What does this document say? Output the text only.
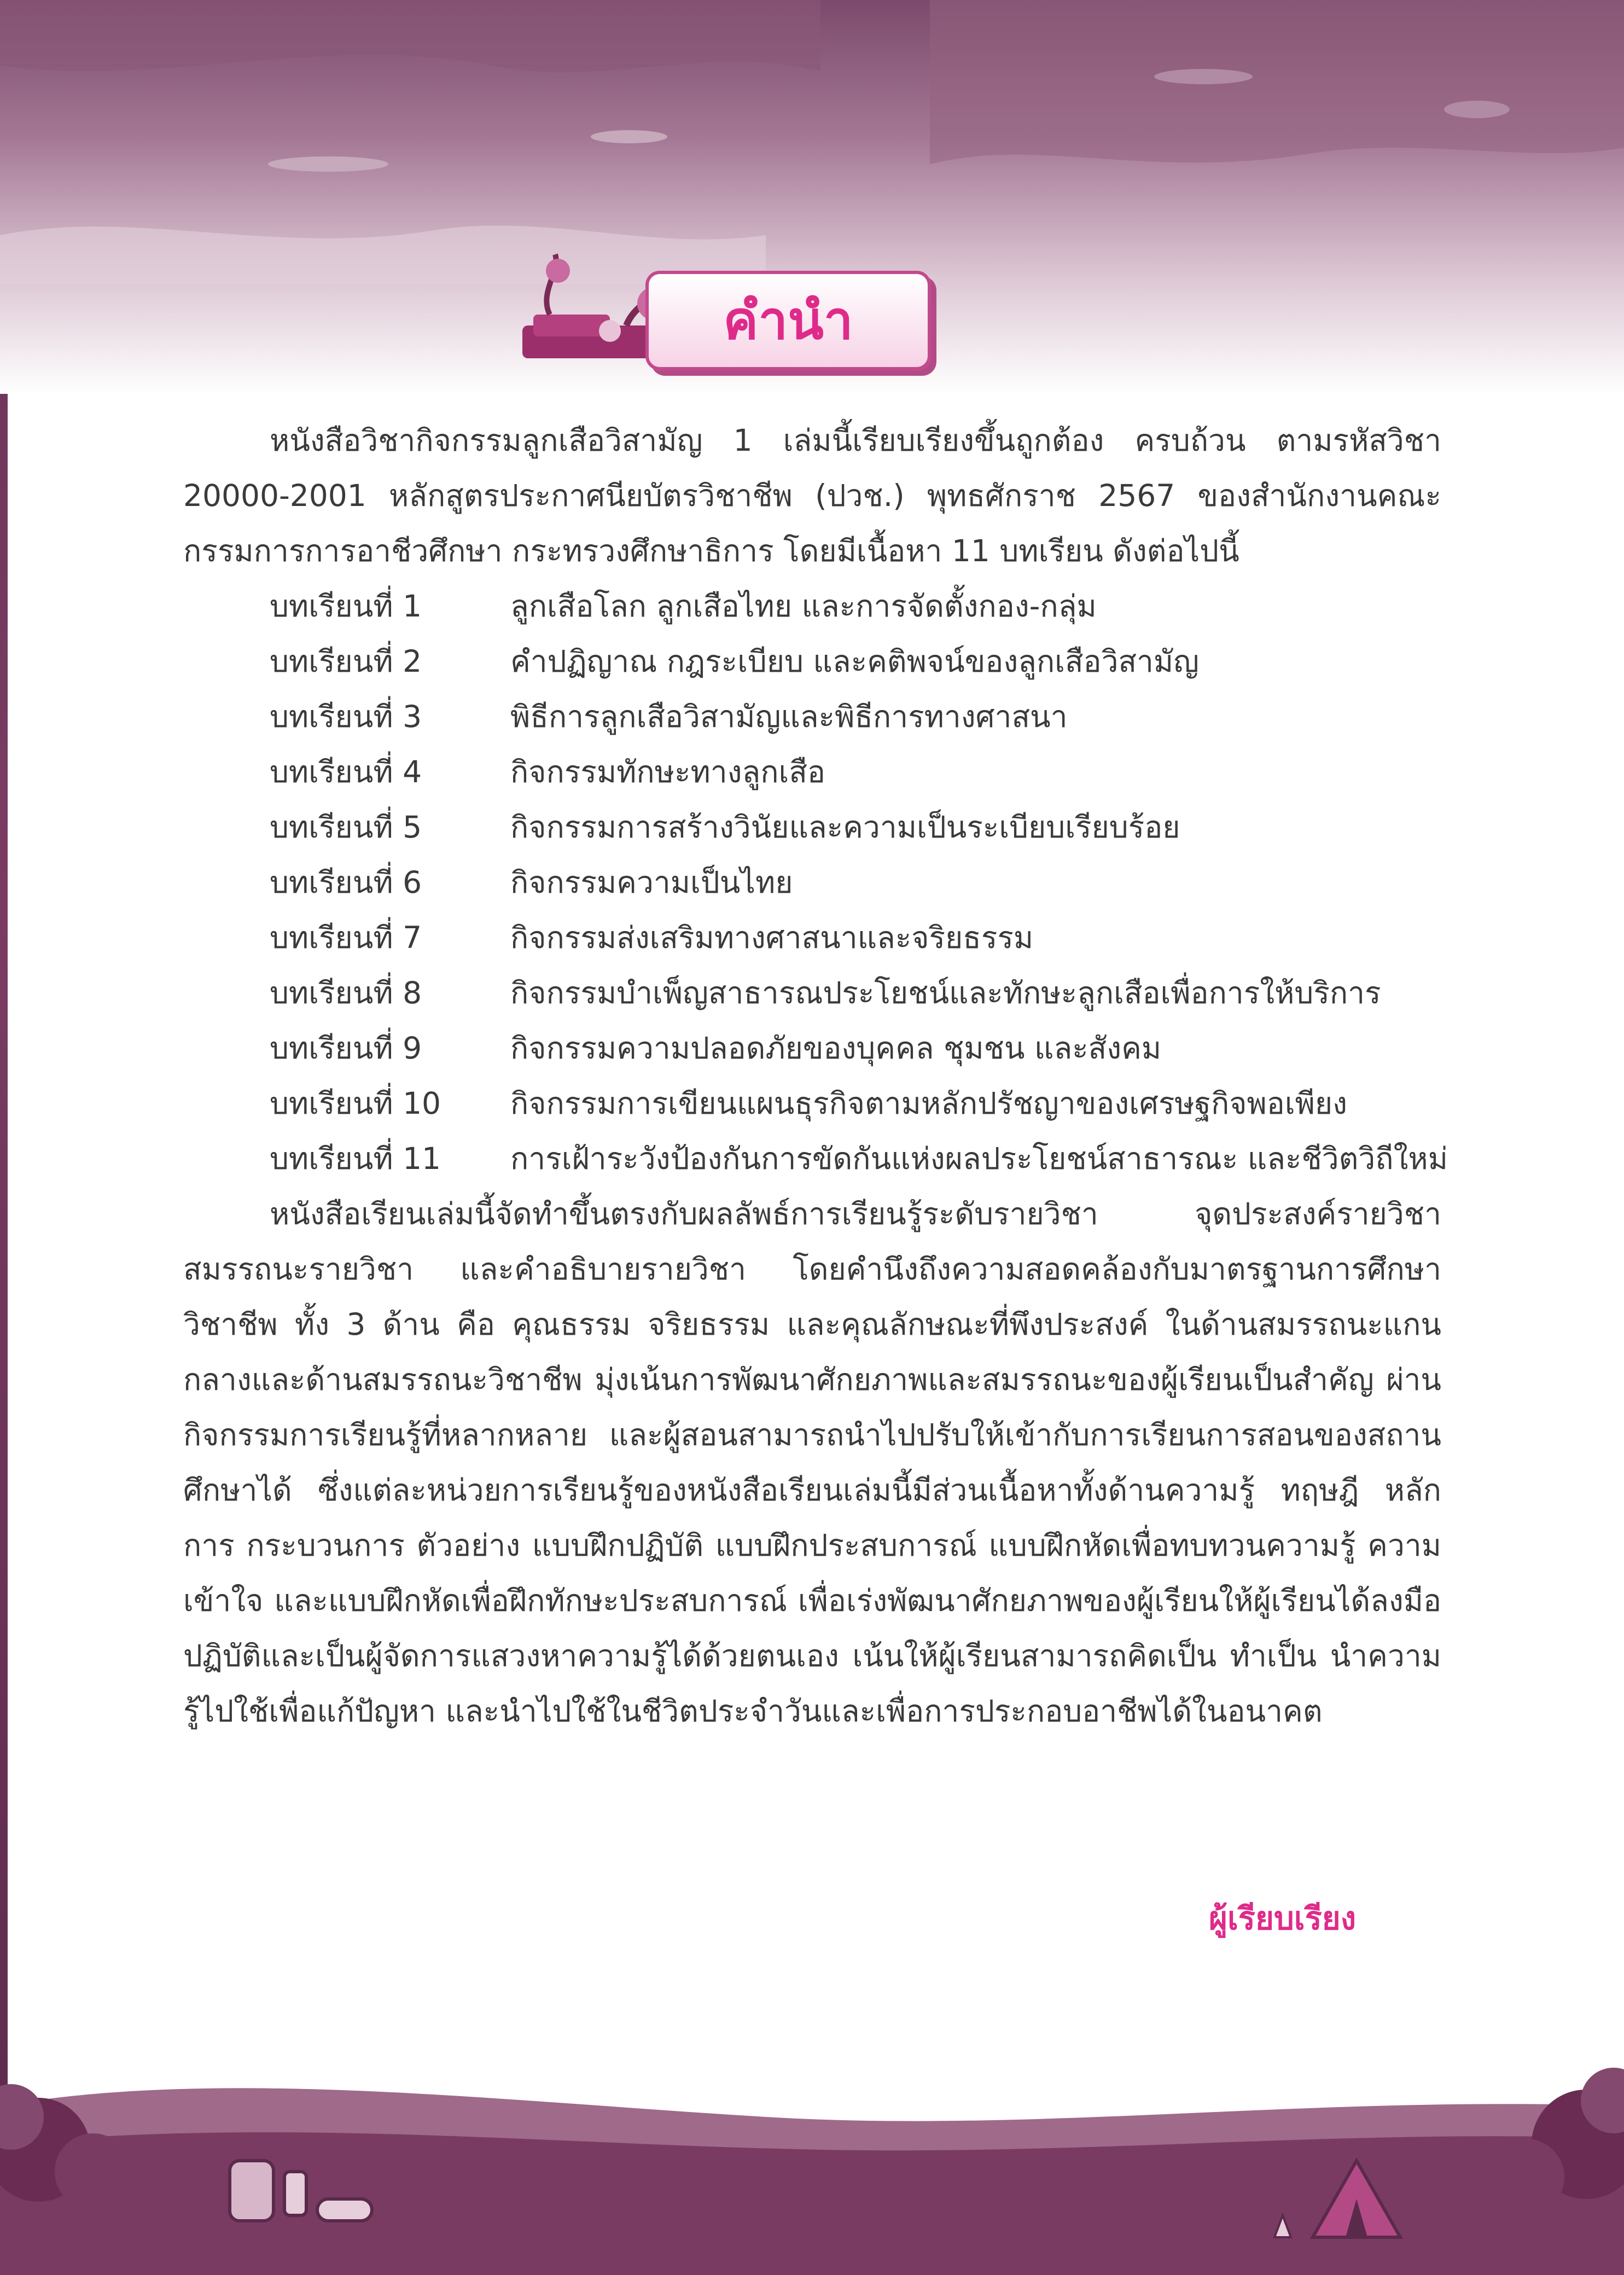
คำนำ

หนังสือวิชากิจกรรมลูกเสือวิสามัญ 1 เล่มนี้เรียบเรียงขึ้นถูกต้อง ครบถ้วน ตามรหัสวิชา 20000-2001 หลักสูตรประกาศนียบัตรวิชาชีพ (ปวช.) พุทธศักราช 2567 ของสำนักงานคณะกรรมการการอาชีวศึกษา กระทรวงศึกษาธิการ โดยมีเนื้อหา 11 บทเรียน ดังต่อไปนี้

บทเรียนที่ 1	ลูกเสือโลก ลูกเสือไทย และการจัดตั้งกอง-กลุ่ม
บทเรียนที่ 2	คำปฏิญาณ กฎระเบียบ และคติพจน์ของลูกเสือวิสามัญ
บทเรียนที่ 3	พิธีการลูกเสือวิสามัญและพิธีการทางศาสนา
บทเรียนที่ 4	กิจกรรมทักษะทางลูกเสือ
บทเรียนที่ 5	กิจกรรมการสร้างวินัยและความเป็นระเบียบเรียบร้อย
บทเรียนที่ 6	กิจกรรมความเป็นไทย
บทเรียนที่ 7	กิจกรรมส่งเสริมทางศาสนาและจริยธรรม
บทเรียนที่ 8	กิจกรรมบำเพ็ญสาธารณประโยชน์และทักษะลูกเสือเพื่อการให้บริการ
บทเรียนที่ 9	กิจกรรมความปลอดภัยของบุคคล ชุมชน และสังคม
บทเรียนที่ 10	กิจกรรมการเขียนแผนธุรกิจตามหลักปรัชญาของเศรษฐกิจพอเพียง
บทเรียนที่ 11	การเฝ้าระวังป้องกันการขัดกันแห่งผลประโยชน์สาธารณะ และชีวิตวิถีใหม่

หนังสือเรียนเล่มนี้จัดทำขึ้นตรงกับผลลัพธ์การเรียนรู้ระดับรายวิชา จุดประสงค์รายวิชา สมรรถนะรายวิชา และคำอธิบายรายวิชา โดยคำนึงถึงความสอดคล้องกับมาตรฐานการศึกษาวิชาชีพ ทั้ง 3 ด้าน คือ คุณธรรม จริยธรรม และคุณลักษณะที่พึงประสงค์ ในด้านสมรรถนะแกนกลางและด้านสมรรถนะวิชาชีพ มุ่งเน้นการพัฒนาศักยภาพและสมรรถนะของผู้เรียนเป็นสำคัญ ผ่านกิจกรรมการเรียนรู้ที่หลากหลาย และผู้สอนสามารถนำไปปรับให้เข้ากับการเรียนการสอนของสถานศึกษาได้ ซึ่งแต่ละหน่วยการเรียนรู้ของหนังสือเรียนเล่มนี้มีส่วนเนื้อหาทั้งด้านความรู้ ทฤษฎี หลักการ กระบวนการ ตัวอย่าง แบบฝึกปฏิบัติ แบบฝึกประสบการณ์ แบบฝึกหัดเพื่อทบทวนความรู้ ความเข้าใจ และแบบฝึกหัดเพื่อฝึกทักษะประสบการณ์ เพื่อเร่งพัฒนาศักยภาพของผู้เรียนให้ผู้เรียนได้ลงมือปฏิบัติและเป็นผู้จัดการแสวงหาความรู้ได้ด้วยตนเอง เน้นให้ผู้เรียนสามารถคิดเป็น ทำเป็น นำความรู้ไปใช้เพื่อแก้ปัญหา และนำไปใช้ในชีวิตประจำวันและเพื่อการประกอบอาชีพได้ในอนาคต

ผู้เรียบเรียง
